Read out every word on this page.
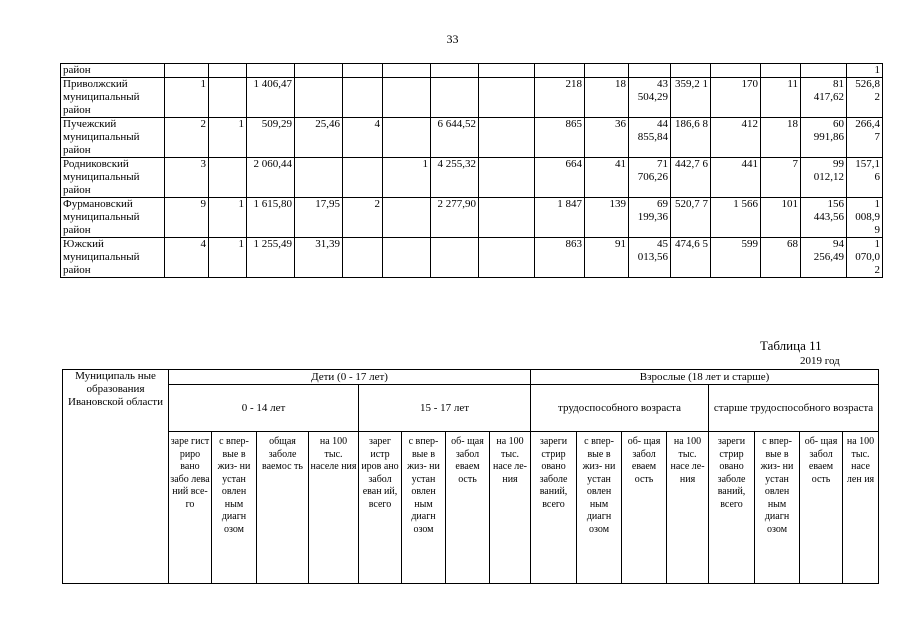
33
район																1
Приволжский муниципальный район	1		1 406,47						218	18	43 504,29	359,2 1	170	11	81 417,62	526,8 2
Пучежский муниципальный район	2	1	509,29	25,46	4		6 644,52		865	36	44 855,84	186,6 8	412	18	60 991,86	266,4 7
Родниковский муниципальный район	3		2 060,44			1	4 255,32		664	41	71 706,26	442,7 6	441	7	99 012,12	157,1 6
Фурмановский муниципальный район	9	1	1 615,80	17,95	2		2 277,90		1 847	139	69 199,36	520,7 7	1 566	101	156 443,56	1 008,9 9
Южский муниципальный район	4	1	1 255,49	31,39					863	91	45 013,56	474,6 5	599	68	94 256,49	1 070,0 2
Таблица 11
2019 год
Муниципаль ные образования Ивановской области	Дети (0 - 17 лет)								Взрослые (18 лет и старше)							
	0 - 14 лет				15 - 17 лет				трудоспособного возраста				старше трудоспособного возраста			
	заре гист риро вано забо лева ний все- го	с впер- вые в жиз- ни устан овлен ным диагн озом	общая заболе ваемос ть	на 100 тыс. населе ния	зарег истр иров ано забол еван ий, всего	с впер- вые в жиз- ни устан овлен ным диагн озом	об- щая забол еваем ость	на 100 тыс. насе ле- ния	зареги стрир овано заболе ваний, всего	с впер- вые в жиз- ни устан овлен ным диагн озом	об- щая забол еваем ость	на 100 тыс. насе ле- ния	зареги стрир овано заболе ваний, всего	с впер- вые в жиз- ни устан овлен ным диагн озом	об- щая забол еваем ость	на 100 тыс. насе лен ия
